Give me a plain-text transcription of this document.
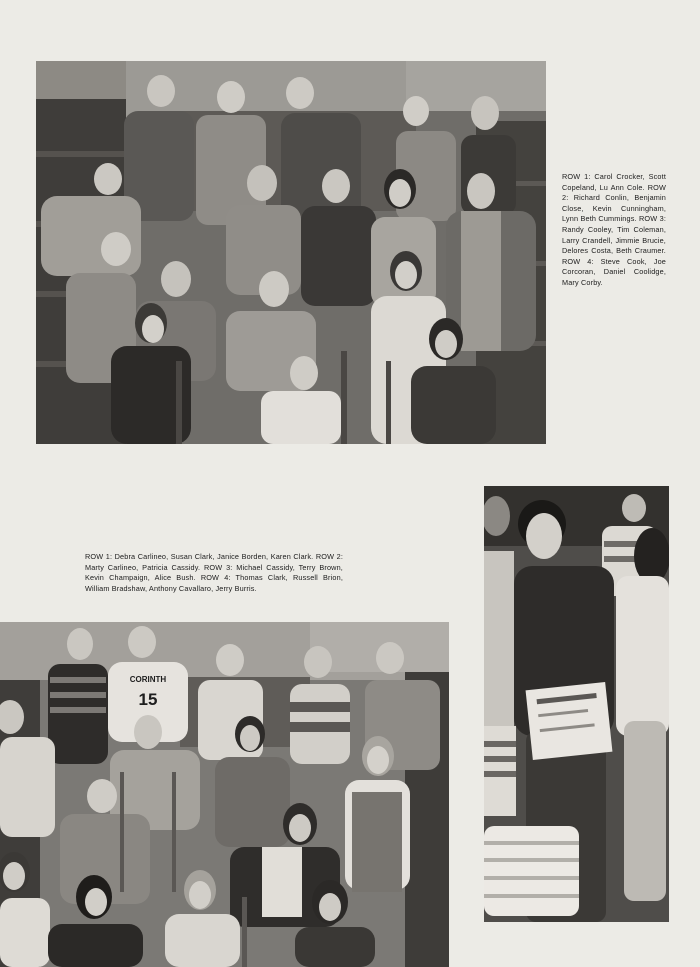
ROW 1: Carol Crocker, Scott Copeland, Lu Ann Cole. ROW 2: Richard Conlin, Benjamin Close, Kevin Cunningham, Lynn Beth Cummings. ROW 3: Randy Cooley, Tim Coleman, Larry Crandell, Jimmie Brucie, Delores Costa, Beth Craumer. ROW 4: Steve Cook, Joe Corcoran, Daniel Coolidge, Mary Corby.
ROW 1: Debra Carlineo, Susan Clark, Janice Borden, Karen Clark. ROW 2: Marty Carlineo, Patricia Cassidy. ROW 3: Michael Cassidy, Terry Brown, Kevin Champaign, Alice Bush. ROW 4: Thomas Clark, Russell Brion, William Bradshaw, Anthony Cavallaro, Jerry Burris.
CORINTH
15
